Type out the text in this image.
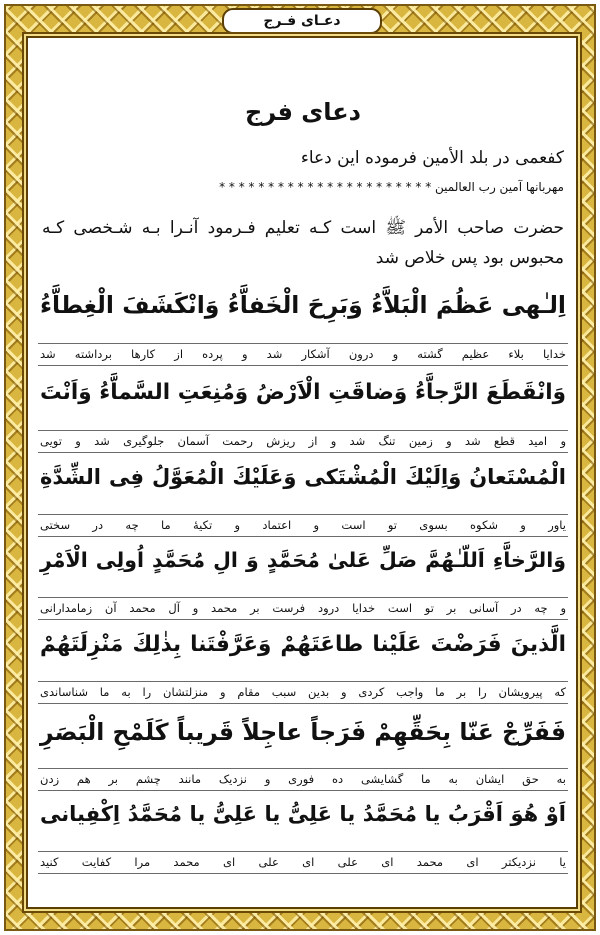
دعـای فـرج
دعای فرج
کفعمی در بلد الأمین فرموده این دعاء
مهربانها آمین رب العالمین * * * * * * * * * * * * * * * * * * * * * *
حضرت صاحب الأمر ﷺ است کـه تعلیم فـرمود آنـرا بـه شـخصی کـه محبوس بود پس خلاص شد
اِلـٰهی عَظُمَ الْبَلاَّءُ وَبَرِحَ الْخَفاَّءُ وَانْكَشَفَ الْغِطاَّءُ
خدایا بلاء عظیم گشته و درون آشکار شد و پرده از کارها برداشته شد
وَانْقَطَعَ الرَّجاَّءُ وَضاقَتِ الْاَرْضُ وَمُنِعَتِ السَّماَّءُ وَاَنْتَ
و امید قطع شد و زمین تنگ شد و از ریزش رحمت آسمان جلوگیری شد و تویی
الْمُسْتَعانُ وَاِلَيْكَ الْمُشْتَكى وَعَلَيْكَ الْمُعَوَّلُ فِى الشِّدَّةِ
یاور و شکوه بسوی تو است و اعتماد و تکیهٔ ما چه در سختی
وَالرَّخاَّءِ اَللّـٰهُمَّ صَلِّ عَلىٰ مُحَمَّدٍ وَ الِ مُحَمَّدٍ اُولِى الْاَمْرِ
و چه در آسانی بر تو است خدایا درود فرست بر محمد و آل محمد آن زمامدارانی
الَّذينَ فَرَضْتَ عَلَيْنا طاعَتَهُمْ وَعَرَّفْتَنا بِذٰلِكَ مَنْزِلَتَهُمْ
که پیرویشان را بر ما واجب کردی و بدین سبب مقام و منزلتشان را به ما شناساندی
فَفَرِّجْ عَنّا بِحَقِّهِمْ فَرَجاً عاجِلاً قَريباً كَلَمْحِ الْبَصَرِ
به حق ایشان به ما گشایشی ده فوری و نزدیک مانند چشم بر هم زدن
اَوْ هُوَ اَقْرَبُ يا مُحَمَّدُ يا عَلِىُّ يا عَلِىُّ يا مُحَمَّدُ اِكْفِيانى
یا نزدیکتر ای محمد ای علی ای علی ای محمد مرا کفایت کنید
